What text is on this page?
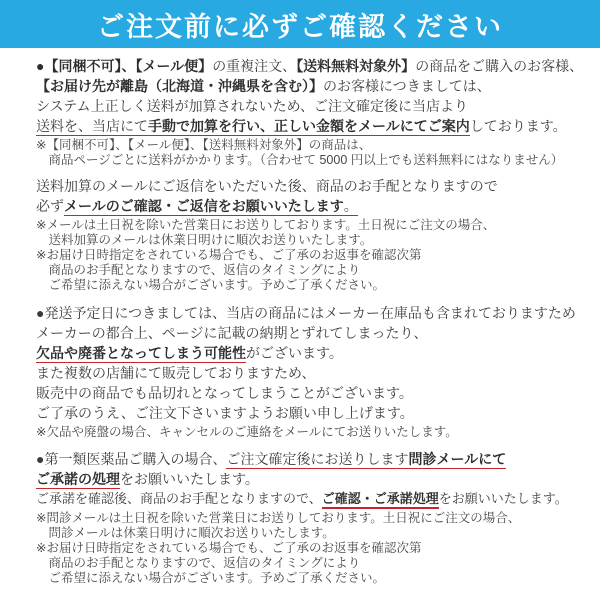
ご注文前に必ずご確認ください
●【同梱不可】、【メール便】の重複注文、【送料無料対象外】の商品をご購入のお客様、
【お届け先が離島（北海道・沖縄県を含む）】のお客様につきましては、
システム上正しく送料が加算されないため、ご注文確定後に当店より
送料を、当店にて手動で加算を行い、正しい金額をメールにてご案内しております。
※【同梱不可】、【メール便】、【送料無料対象外】の商品は、
　商品ページごとに送料がかかります。（合わせて 5000 円以上でも送料無料にはなりません）
送料加算のメールにご返信をいただいた後、商品のお手配となりますので
必ずメールのご確認・ご返信をお願いいたします。
※メールは土日祝を除いた営業日にお送りしております。土日祝にご注文の場合、
　送料加算のメールは休業日明けに順次お送りいたします。
※お届け日時指定をされている場合でも、ご了承のお返事を確認次第
　商品のお手配となりますので、返信のタイミングにより
　ご希望に添えない場合がございます。予めご了承ください。
●発送予定日につきましては、当店の商品にはメーカー在庫品も含まれておりますため
メーカーの都合上、ページに記載の納期とずれてしまったり、
欠品や廃番となってしまう可能性がございます。
また複数の店舗にて販売しておりますため、
販売中の商品でも品切れとなってしまうことがございます。
ご了承のうえ、ご注文下さいますようお願い申し上げます。
※欠品や廃盤の場合、キャンセルのご連絡をメールにてお送りいたします。
●第一類医薬品ご購入の場合、ご注文確定後にお送りします問診メールにて
ご承諾の処理をお願いいたします。
ご承諾を確認後、商品のお手配となりますので、ご確認・ご承諾処理をお願いいたします。
※問診メールは土日祝を除いた営業日にお送りしております。土日祝にご注文の場合、
　問診メールは休業日明けに順次お送りいたします。
※お届け日時指定をされている場合でも、ご了承のお返事を確認次第
　商品のお手配となりますので、返信のタイミングにより
　ご希望に添えない場合がございます。予めご了承ください。
